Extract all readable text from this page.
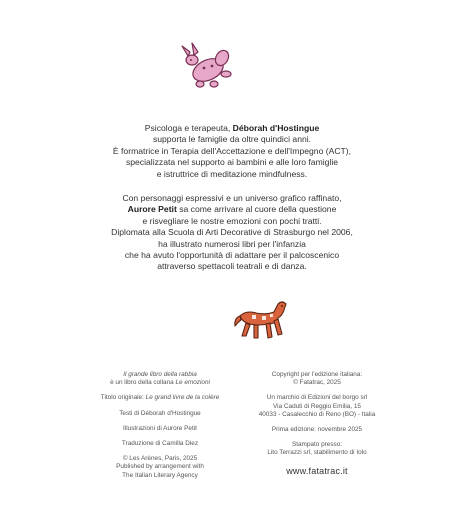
Psicologa e terapeuta, Déborah d'Hostingue

supporta le famiglie da oltre quindici anni.

È formatrice in Terapia dell'Accettazione e dell'Impegno (ACT),

specializzata nel supporto ai bambini e alle loro famiglie

e istruttrice di meditazione mindfulness.

Con personaggi espressivi e un universo grafico raffinato,

Aurore Petit sa come arrivare al cuore della questione

e risvegliare le nostre emozioni con pochi tratti.

Diplomata alla Scuola di Arti Decorative di Strasburgo nel 2006,

ha illustrato numerosi libri per l'infanzia

che ha avuto l'opportunità di adattare per il palcoscenico

attraverso spettacoli teatrali e di danza.

Il grande libro della rabbia

è un libro della collana Le emozioni

Titolo originale: Le grand livre de la colère

Testi di Déborah d'Hostingue

Illustrazioni di Aurore Petit

Traduzione di Camilla Diez

© Les Arènes, Paris, 2025

Published by arrangement with

The Italian Literary Agency

Copyright per l'edizione italiana:

© Fatatrac, 2025

Un marchio di Edizioni del borgo srl

Via Caduti di Reggio Emilia, 15

40033 - Casalecchio di Reno (BO) - Italia

Prima edizione: novembre 2025

Stampato presso:

Lito Terrazzi srl, stabilimento di Iolo

www.fatatrac.it
